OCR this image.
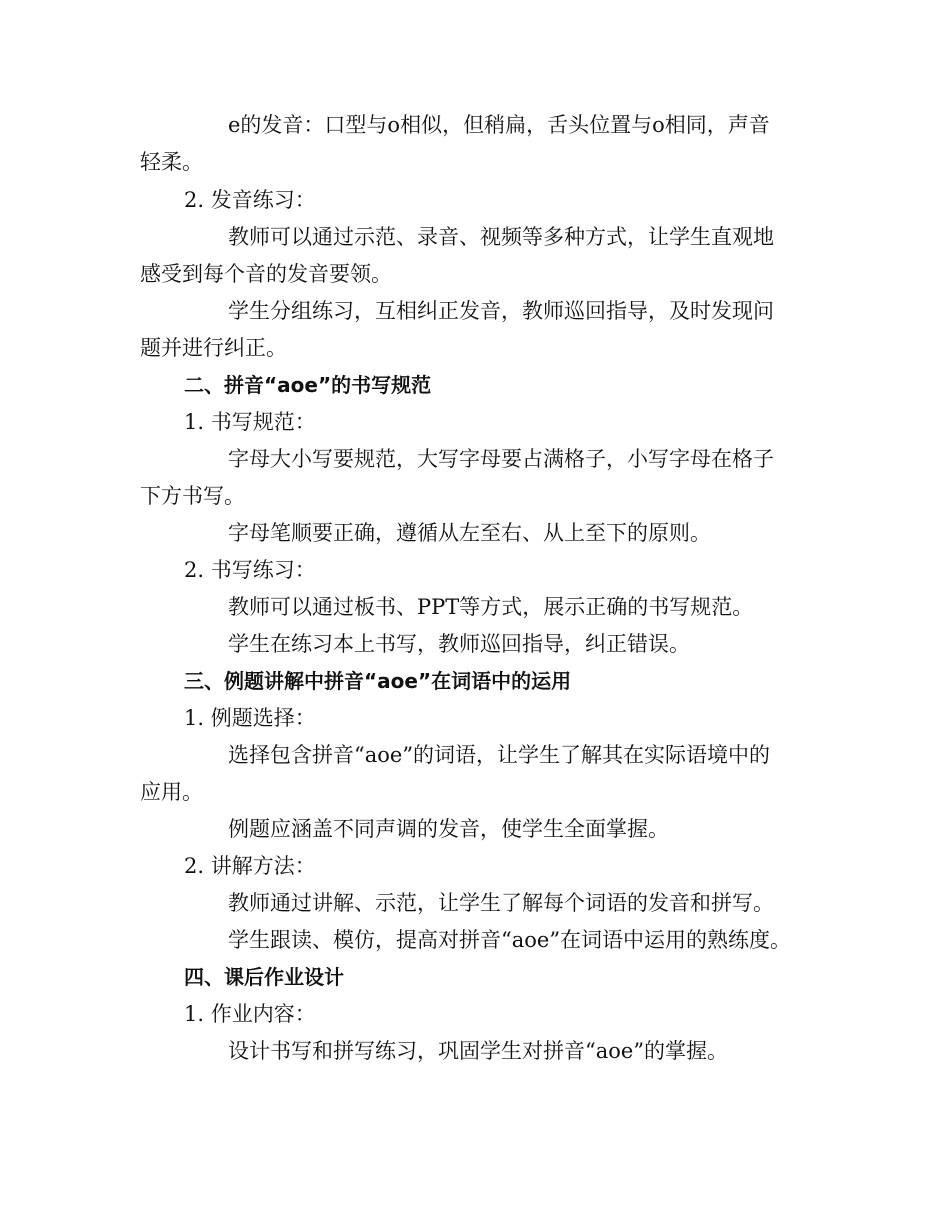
e的发音：口型与o相似，但稍扁，舌头位置与o相同，声音
轻柔。
2. 发音练习：
教师可以通过示范、录音、视频等多种方式，让学生直观地
感受到每个音的发音要领。
学生分组练习，互相纠正发音，教师巡回指导，及时发现问
题并进行纠正。
二、拼音“aoe”的书写规范
1. 书写规范：
字母大小写要规范，大写字母要占满格子，小写字母在格子
下方书写。
字母笔顺要正确，遵循从左至右、从上至下的原则。
2. 书写练习：
教师可以通过板书、PPT等方式，展示正确的书写规范。
学生在练习本上书写，教师巡回指导，纠正错误。
三、例题讲解中拼音“aoe”在词语中的运用
1. 例题选择：
选择包含拼音“aoe”的词语，让学生了解其在实际语境中的
应用。
例题应涵盖不同声调的发音，使学生全面掌握。
2. 讲解方法：
教师通过讲解、示范，让学生了解每个词语的发音和拼写。
学生跟读、模仿，提高对拼音“aoe”在词语中运用的熟练度。
四、课后作业设计
1. 作业内容：
设计书写和拼写练习，巩固学生对拼音“aoe”的掌握。
